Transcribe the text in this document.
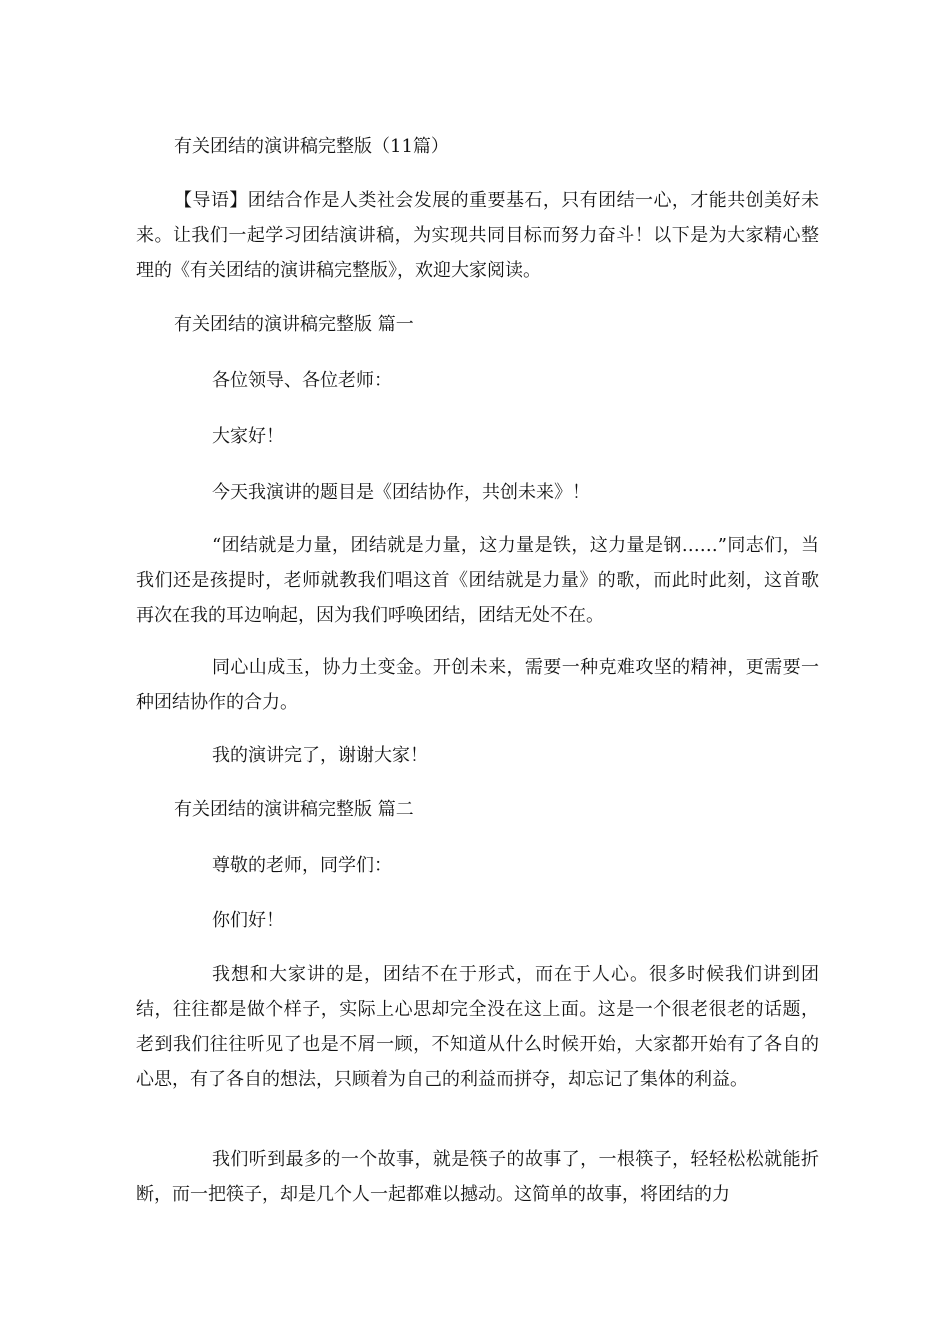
有关团结的演讲稿完整版（11篇）

【导语】团结合作是人类社会发展的重要基石，只有团结一心，才能共创美好未来。让我们一起学习团结演讲稿，为实现共同目标而努力奋斗！以下是为大家精心整理的《有关团结的演讲稿完整版》，欢迎大家阅读。

有关团结的演讲稿完整版 篇一
各位领导、各位老师：
大家好！
今天我演讲的题目是《团结协作，共创未来》！

“团结就是力量，团结就是力量，这力量是铁，这力量是钢……”同志们，当我们还是孩提时，老师就教我们唱这首《团结就是力量》的歌，而此时此刻，这首歌再次在我的耳边响起，因为我们呼唤团结，团结无处不在。

同心山成玉，协力土变金。开创未来，需要一种克难攻坚的精神，更需要一种团结协作的合力。

我的演讲完了，谢谢大家！
有关团结的演讲稿完整版 篇二
尊敬的老师，同学们：
你们好！

我想和大家讲的是，团结不在于形式，而在于人心。很多时候我们讲到团结，往往都是做个样子，实际上心思却完全没在这上面。这是一个很老很老的话题，老到我们往往听见了也是不屑一顾，不知道从什么时候开始，大家都开始有了各自的心思，有了各自的想法，只顾着为自己的利益而拼夺，却忘记了集体的利益。

我们听到最多的一个故事，就是筷子的故事了，一根筷子，轻轻松松就能折断，而一把筷子，却是几个人一起都难以撼动。这简单的故事，将团结的力
